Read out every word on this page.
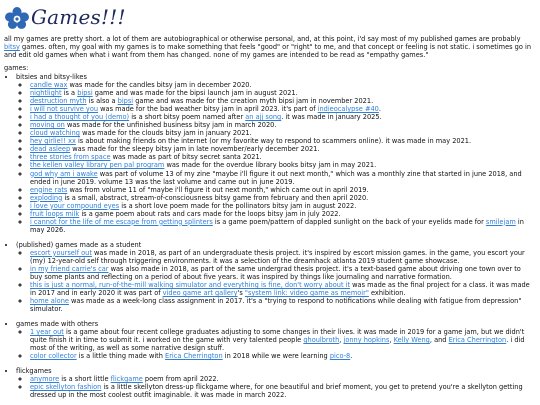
Games!!!

all my games are pretty short. a lot of them are autobiographical or otherwise personal, and, at this point, i'd say most of my published games are probably bitsy games. often, my goal with my games is to make something that feels "good" or "right" to me, and that concept or feeling is not static. i sometimes go in and edit old games when what i want from them has changed. none of my games are intended to be read as "empathy games."

games:
• bitsies and bitsy-likes
◦ candle wax was made for the candles bitsy jam in december 2020.
◦ nightlight is a bipsi game and was made for the bipsi launch jam in august 2021.
◦ destruction myth is also a bipsi game and was made for the creation myth bipsi jam in november 2021.
◦ i will not survive you was made for the bad weather bitsy jam in april 2023. it's part of indieocalypse #40.
◦ i had a thought of you (demo) is a short bitsy poem named after an ajj song. it was made in january 2025.
◦ moving on was made for the unfinished business bitsy jam in march 2020.
◦ cloud watching was made for the clouds bitsy jam in january 2021.
◦ hey girlie!! xx is about making friends on the internet (or my favorite way to respond to scammers online). it was made in may 2021.
◦ dead asleep was made for the sleepy bitsy jam in late november/early december 2021.
◦ three stories from space was made as part of bitsy secret santa 2021.
◦ the kellen valley library pen pal program was made for the overdue library books bitsy jam in may 2021.
◦ god why am i awake was part of volume 13 of my zine "maybe i'll figure it out next month," which was a monthly zine that started in june 2018, and ended in june 2019. volume 13 was the last volume and came out in june 2019.
◦ engine rats was from volume 11 of "maybe i'll figure it out next month," which came out in april 2019.
◦ exploding is a small, abstract, stream-of-consciousness bitsy game from february and then april 2020.
◦ i love your compound eyes is a short love poem made for the pollinators bitsy jam in august 2022.
◦ fruit loops milk is a game poem about rats and cars made for the loops bitsy jam in july 2022.
◦ i cannot for the life of me escape from getting splinters is a game poem/pattern of dappled sunlight on the back of your eyelids made for smilejam in may 2026.
• (published) games made as a student
◦ escort yourself out was made in 2018, as part of an undergraduate thesis project. it's inspired by escort mission games. in the game, you escort your (my) 12-year-old self through triggering environments. it was a selection of the dreamhack atlanta 2019 student game showcase.
◦ in my friend carrie's car was also made in 2018, as part of the same undergrad thesis project. it's a text-based game about driving one town over to buy some plants and reflecting on a period of about five years. it was inspired by things like journaling and narrative formation.
◦ this is just a normal, run-of-the-mill walking simulator and everything is fine, don't worry about it was made as the final project for a class. it was made in 2017 and in early 2020 it was part of video game art gallery's "system link: video game as memoir" exhibition.
◦ home alone was made as a week-long class assignment in 2017. it's a "trying to respond to notifications while dealing with fatigue from depression" simulator.
• games made with others
◦ 1 year out is a game about four recent college graduates adjusting to some changes in their lives. it was made in 2019 for a game jam, but we didn't quite finish it in time to submit it. i worked on the game with very talented people ghoulbroth, jonny hopkins, Kelly Weng, and Erica Cherrington. i did most of the writing, as well as some narrative design stuff.
◦ color collector is a little thing made with Erica Cherrington in 2018 while we were learning pico-8.
• flickgames
◦ anymore is a short little flickgame poem from april 2022.
◦ epic skellyton fashion is a little skellyton dress-up flickgame where, for one beautiful and brief moment, you get to pretend you're a skellyton getting dressed up in the most coolest outfit imaginable. it was made in march 2022.
